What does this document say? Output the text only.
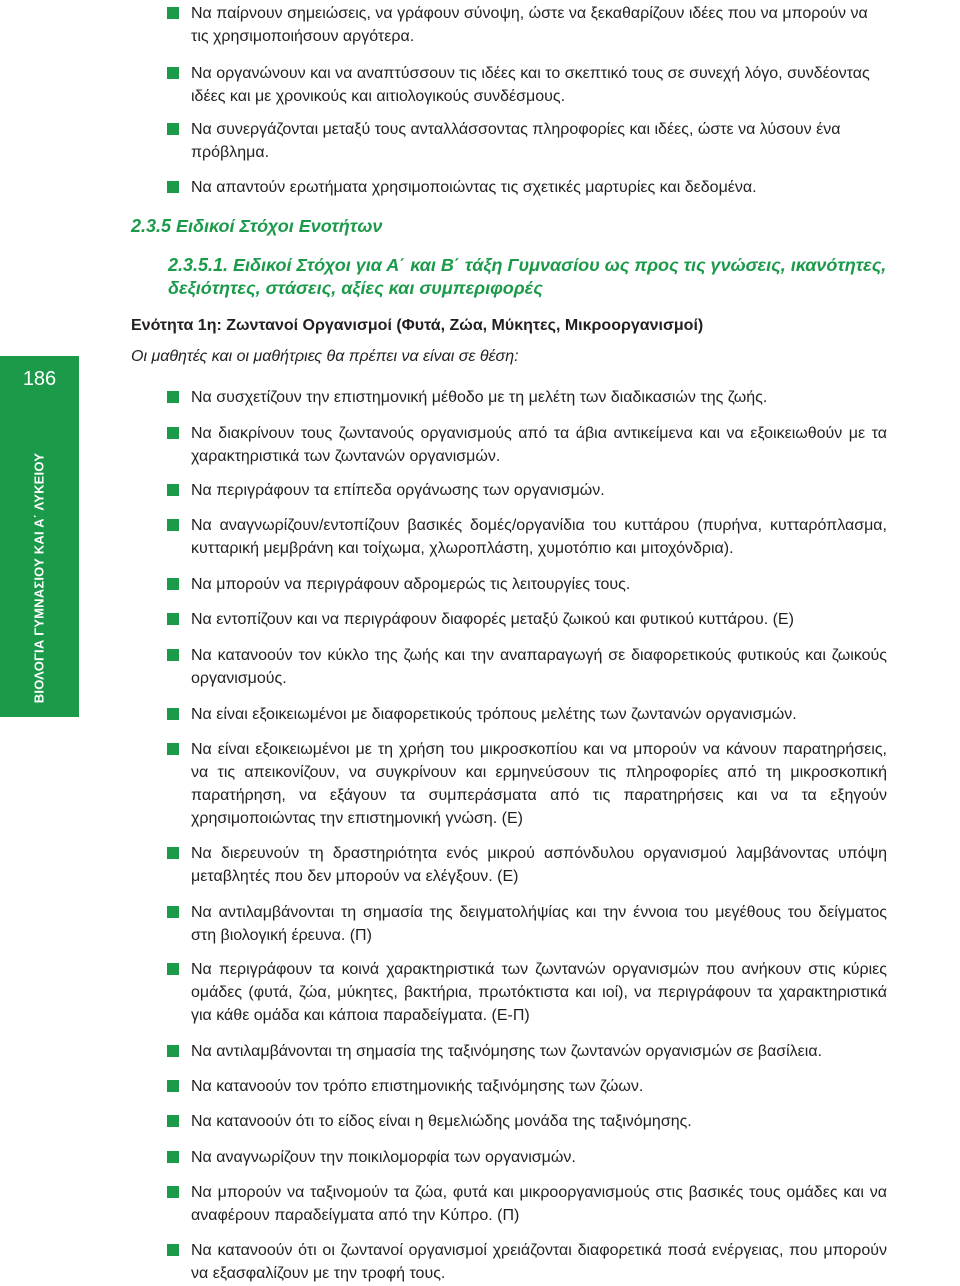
186
ΒΙΟΛΟΓΙΑ ΓΥΜΝΑΣΙΟΥ ΚΑΙ Α΄ ΛΥΚΕΙΟΥ
Να παίρνουν σημειώσεις, να γράφουν σύνοψη, ώστε να ξεκαθαρίζουν ιδέες που να μπορούν να τις χρησιμοποιήσουν αργότερα.
Να οργανώνουν και να αναπτύσσουν τις ιδέες και το σκεπτικό τους σε συνεχή λόγο, συνδέοντας ιδέες και με χρονικούς και αιτιολογικούς συνδέσμους.
Να συνεργάζονται μεταξύ τους ανταλλάσσοντας πληροφορίες και ιδέες, ώστε να λύσουν ένα πρόβλημα.
Να απαντούν ερωτήματα χρησιμοποιώντας τις σχετικές μαρτυρίες και δεδομένα.
2.3.5 Ειδικοί Στόχοι Ενοτήτων
2.3.5.1. Ειδικοί Στόχοι για Α΄ και Β΄ τάξη Γυμνασίου ως προς τις γνώσεις, ικανότητες, δεξιότητες, στάσεις, αξίες και συμπεριφορές
Ενότητα 1η: Ζωντανοί Οργανισμοί (Φυτά, Ζώα, Μύκητες, Μικροοργανισμοί)
Οι μαθητές και οι μαθήτριες θα πρέπει να είναι σε θέση:
Να συσχετίζουν την επιστημονική μέθοδο με τη μελέτη των διαδικασιών της ζωής.
Να διακρίνουν τους ζωντανούς οργανισμούς από τα άβια αντικείμενα και να εξοικειωθούν με τα χαρακτηριστικά των ζωντανών οργανισμών.
Να περιγράφουν τα επίπεδα οργάνωσης των οργανισμών.
Να αναγνωρίζουν/εντοπίζουν βασικές δομές/οργανίδια του κυττάρου (πυρήνα, κυτταρόπλασμα, κυτταρική μεμβράνη και τοίχωμα, χλωροπλάστη, χυμοτόπιο και μιτοχόνδρια).
Να μπορούν να περιγράφουν αδρομερώς τις λειτουργίες τους.
Να εντοπίζουν και να περιγράφουν διαφορές μεταξύ ζωικού και φυτικού κυττάρου. (Ε)
Να κατανοούν τον κύκλο της ζωής και την αναπαραγωγή σε διαφορετικούς φυτικούς και ζωικούς οργανισμούς.
Να είναι εξοικειωμένοι με διαφορετικούς τρόπους μελέτης των ζωντανών οργανισμών.
Να είναι εξοικειωμένοι με τη χρήση του μικροσκοπίου και να μπορούν να κάνουν παρατηρήσεις, να τις απεικονίζουν, να συγκρίνουν και ερμηνεύσουν τις πληροφορίες από τη μικροσκοπική παρατήρηση, να εξάγουν τα συμπεράσματα από τις παρατηρήσεις και να τα εξηγούν χρησιμοποιώντας την επιστημονική γνώση. (Ε)
Να διερευνούν τη δραστηριότητα ενός μικρού ασπόνδυλου οργανισμού λαμβάνοντας υπόψη μεταβλητές που δεν μπορούν να ελέγξουν. (Ε)
Να αντιλαμβάνονται τη σημασία της δειγματολήψίας και την έννοια του μεγέθους του δείγματος στη βιολογική έρευνα. (Π)
Να περιγράφουν τα κοινά χαρακτηριστικά των ζωντανών οργανισμών που ανήκουν στις κύριες ομάδες (φυτά, ζώα, μύκητες, βακτήρια, πρωτόκτιστα και ιοί), να περιγράφουν τα χαρακτηριστικά για κάθε ομάδα και κάποια παραδείγματα. (Ε-Π)
Να αντιλαμβάνονται τη σημασία της ταξινόμησης των ζωντανών οργανισμών σε βασίλεια.
Να κατανοούν τον τρόπο επιστημονικής ταξινόμησης των ζώων.
Να κατανοούν ότι το είδος είναι η θεμελιώδης μονάδα της ταξινόμησης.
Να αναγνωρίζουν την ποικιλομορφία των οργανισμών.
Να μπορούν να ταξινομούν τα ζώα, φυτά και μικροοργανισμούς στις βασικές τους ομάδες και να αναφέρουν παραδείγματα από την Κύπρο. (Π)
Να κατανοούν ότι οι ζωντανοί οργανισμοί χρειάζονται διαφορετικά ποσά ενέργειας, που μπορούν να εξασφαλίζουν με την τροφή τους.
